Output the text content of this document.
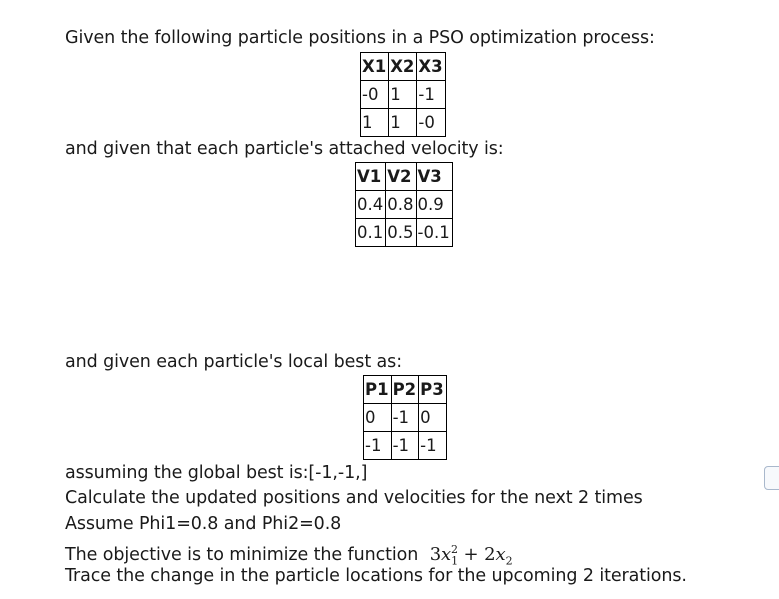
Given the following particle positions in a PSO optimization process:
X1	X2	X3
-0	1	-1
1	1	-0
and given that each particle's attached velocity is:
V1	V2	V3
0.4	0.8	0.9
0.1	0.5	-0.1
and given each particle's local best as:
P1	P2	P3
0	-1	0
-1	-1	-1
assuming the global best is:[-1,-1,]
Calculate the updated positions and velocities for the next 2 times
Assume Phi1=0.8 and Phi2=0.8
The objective is to minimize the function $3x_1^2 + 2x_2$
Trace the change in the particle locations for the upcoming 2 iterations.
